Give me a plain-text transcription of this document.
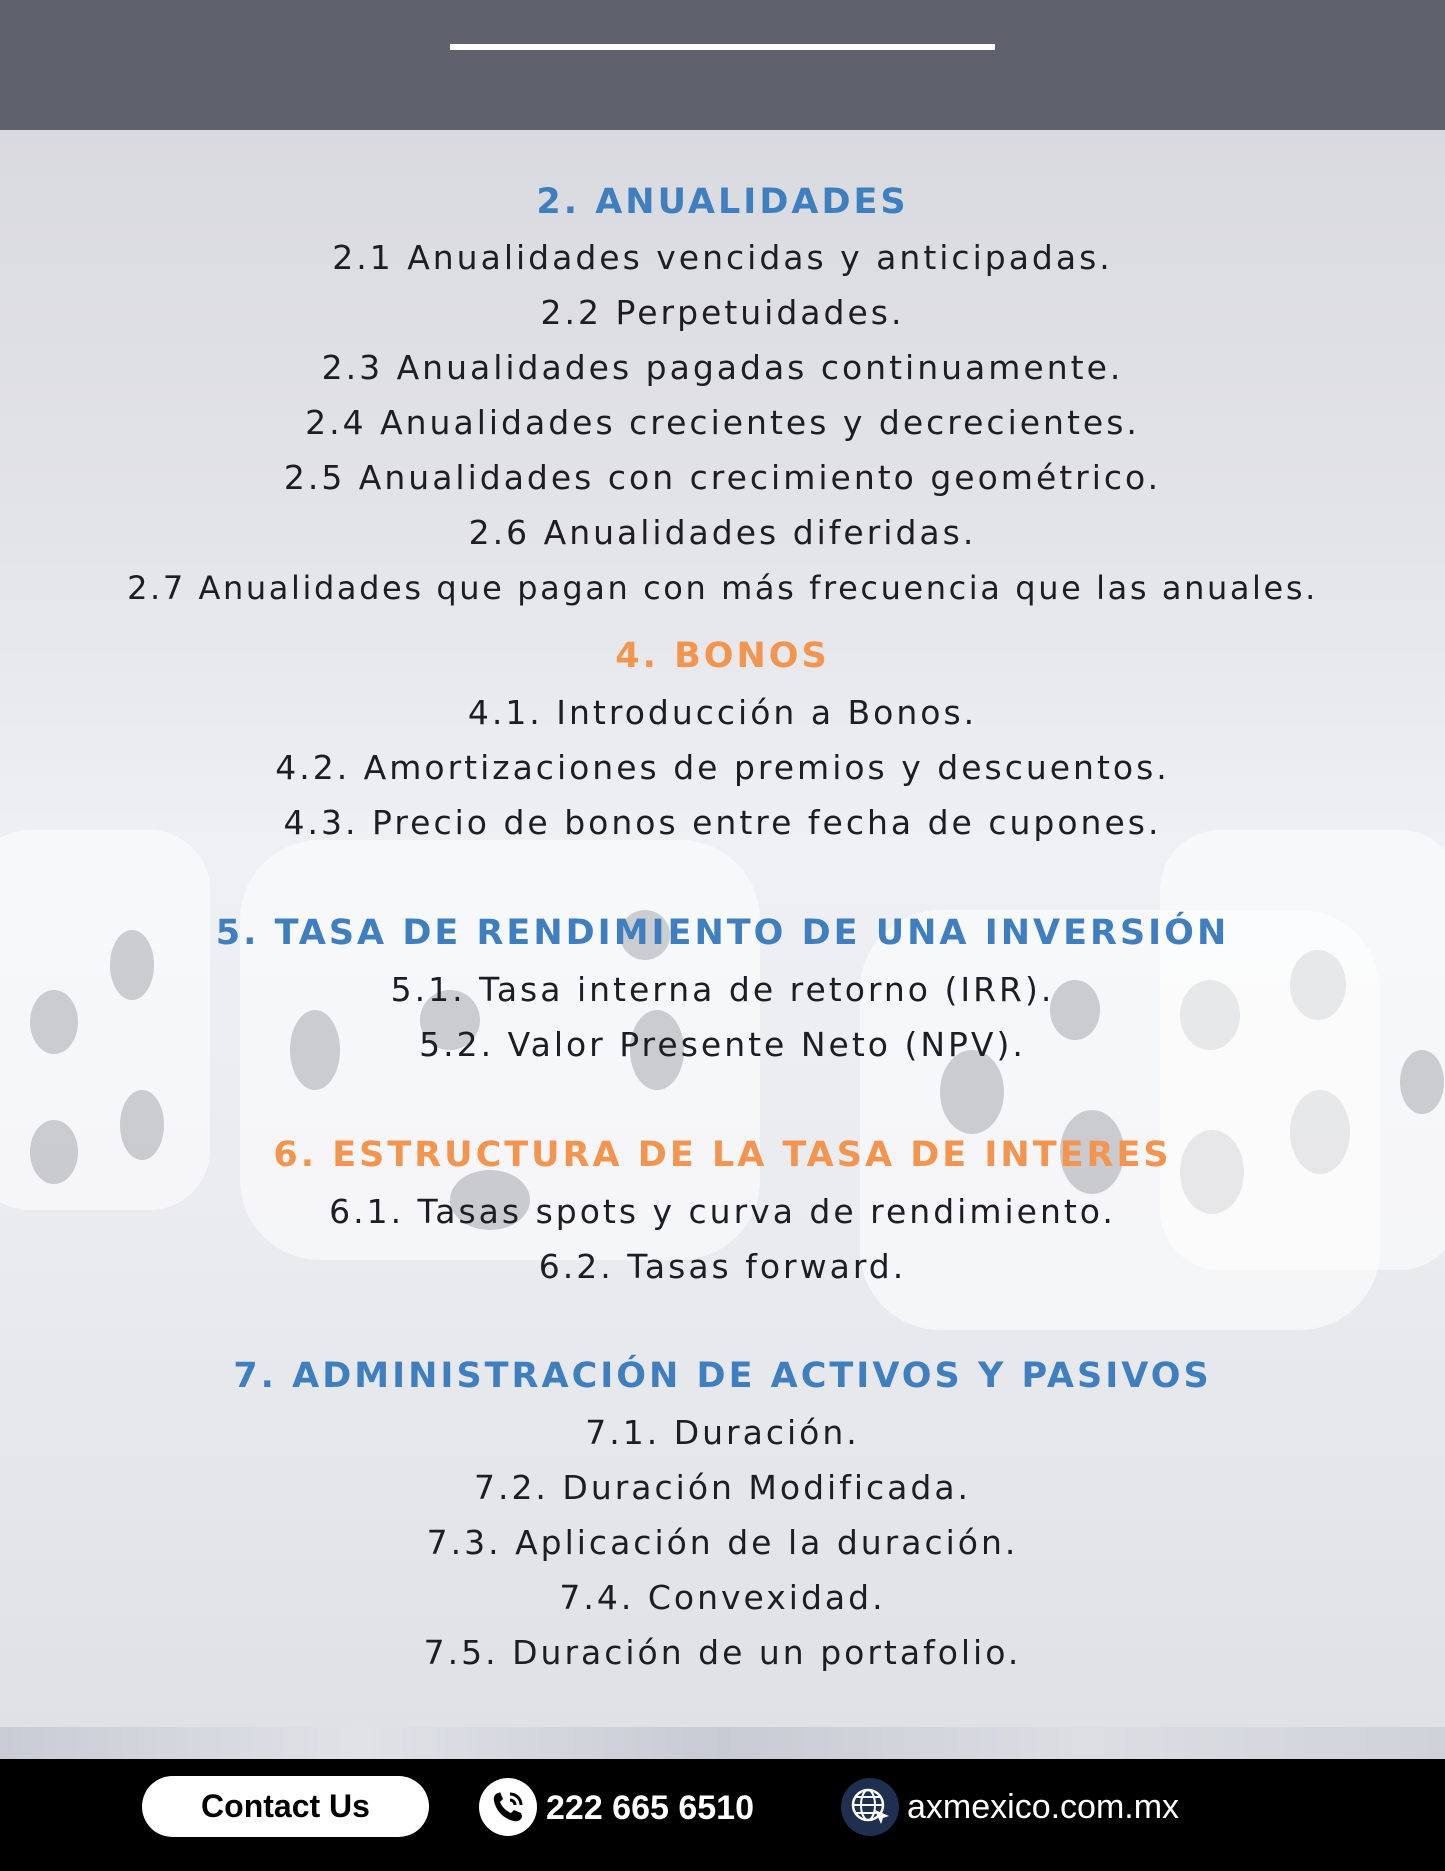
2. ANUALIDADES
2.1 Anualidades vencidas y anticipadas.
2.2 Perpetuidades.
2.3 Anualidades pagadas continuamente.
2.4 Anualidades crecientes y decrecientes.
2.5 Anualidades con crecimiento geométrico.
2.6 Anualidades diferidas.
2.7 Anualidades que pagan con más frecuencia que las anuales.
4. BONOS
4.1. Introducción a Bonos.
4.2. Amortizaciones de premios y descuentos.
4.3. Precio de bonos entre fecha de cupones.
5. TASA DE RENDIMIENTO DE UNA INVERSIÓN
5.1. Tasa interna de retorno (IRR).
5.2. Valor Presente Neto (NPV).
6. ESTRUCTURA DE LA TASA DE INTERES
6.1. Tasas spots y curva de rendimiento.
6.2. Tasas forward.
7. ADMINISTRACIÓN DE ACTIVOS Y PASIVOS
7.1. Duración.
7.2. Duración Modificada.
7.3. Aplicación de la duración.
7.4. Convexidad.
7.5. Duración de un portafolio.
Contact Us	222 665 6510	axmexico.com.mx
